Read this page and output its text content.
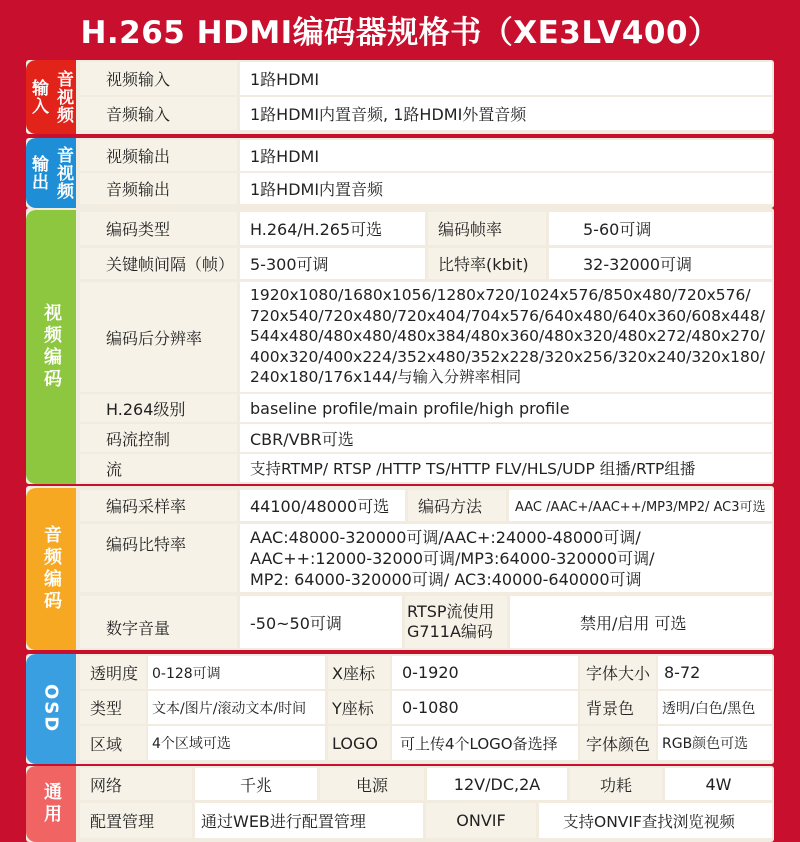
H.265 HDMI编码器规格书（XE3LV400）
输入 音视频	视频输入	1路HDMI
音频输入	1路HDMI内置音频, 1路HDMI外置音频
输出 音视频	视频输出	1路HDMI
音频输出	1路HDMI内置音频
视频编码
编码类型	H.264/H.265可选	编码帧率	5-60可调
关键帧间隔（帧） 5-300可调	比特率(kbit)	32-32000可调
编码后分辨率
1920x1080/1680x1056/1280x720/1024x576/850x480/720x576/
720x540/720x480/720x404/704x576/640x480/640x360/608x448/
544x480/480x480/480x384/480x360/480x320/480x272/480x270/
400x320/400x224/352x480/352x228/320x256/320x240/320x180/
240x180/176x144/与输入分辨率相同
H.264级别	baseline profile/main profile/high profile
码流控制	CBR/VBR可选
流	支持RTMP/ RTSP /HTTP TS/HTTP FLV/HLS/UDP 组播/RTP组播
音频编码
编码采样率	44100/48000可选	编码方法	AAC /AAC+/AAC++/MP3/MP2/ AC3可选
编码比特率	AAC:48000-320000可调/AAC+:24000-48000可调/
AAC++:12000-32000可调/MP3:64000-320000可调/
MP2: 64000-320000可调/ AC3:40000-640000可调
数字音量	-50~50可调
RTSP流使用
G711A编码	禁用/启用 可选
OSD
透明度 0-128可调	X座标	0-1920	字体大小 8-72
类型	文本/图片/滚动文本/时间	Y座标	0-1080	背景色	透明/白色/黑色
区域	4个区域可选	LOGO	可上传4个LOGO备选择	字体颜色 RGB颜色可选
通用	网络	千兆	电源	12V/DC,2A	功耗	4W
配置管理	通过WEB进行配置管理	ONVIF	支持ONVIF查找浏览视频
